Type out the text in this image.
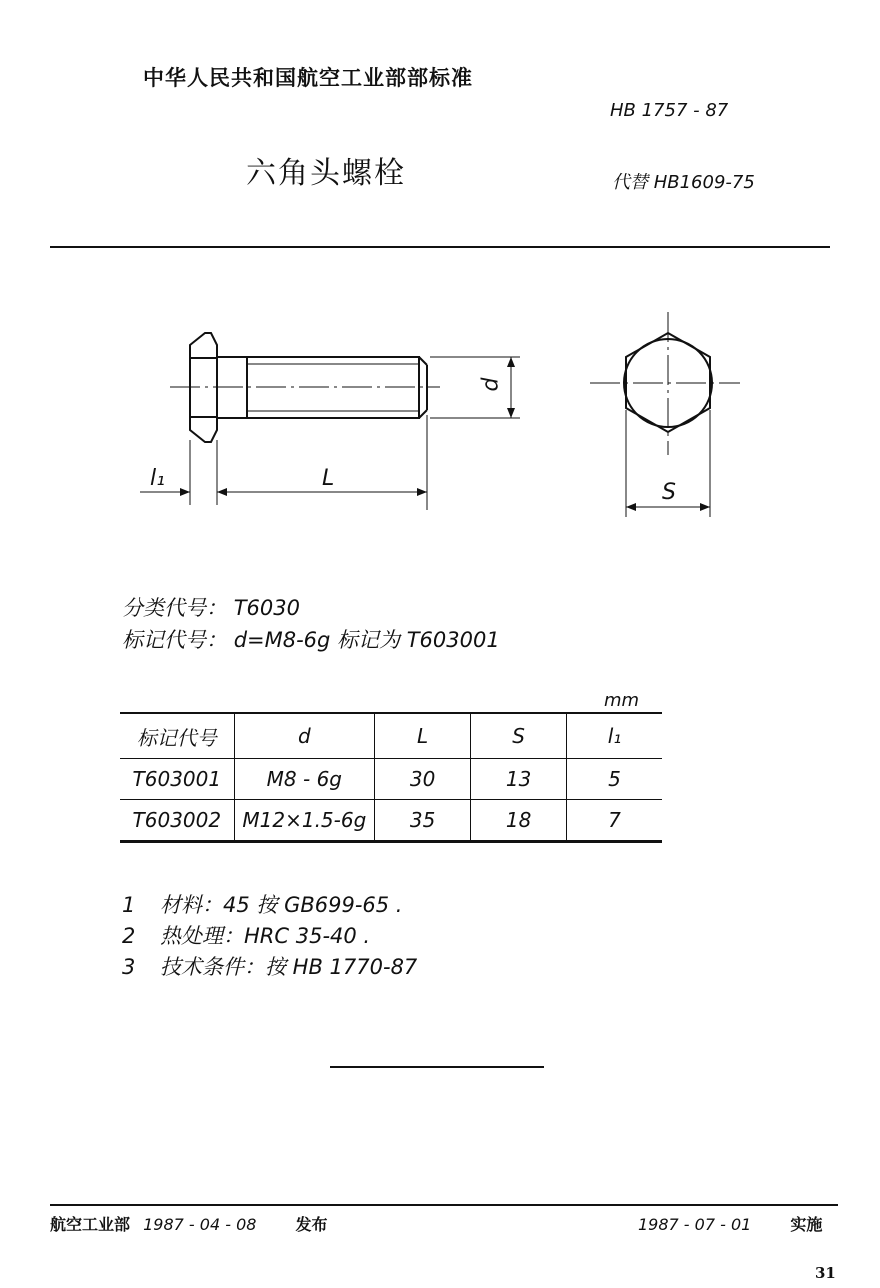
中华人民共和国航空工业部部标准
HB 1757 - 87
六角头螺栓	代替 HB1609-75
d
l₁	L
S
分类代号： T6030
标记代号： d=M8-6g 标记为 T603001
mm
标记代号	d	L	S	l₁
T603001	M8 - 6g	30	13	5
T603002	M12×1.5-6g	35	18	7
1 材料：45 按 GB699-65 .
2 热处理：HRC 35-40 .
3 技术条件：按 HB 1770-87
航空工业部 1987 - 04 - 08 发布	1987 - 07 - 01 实施
31
